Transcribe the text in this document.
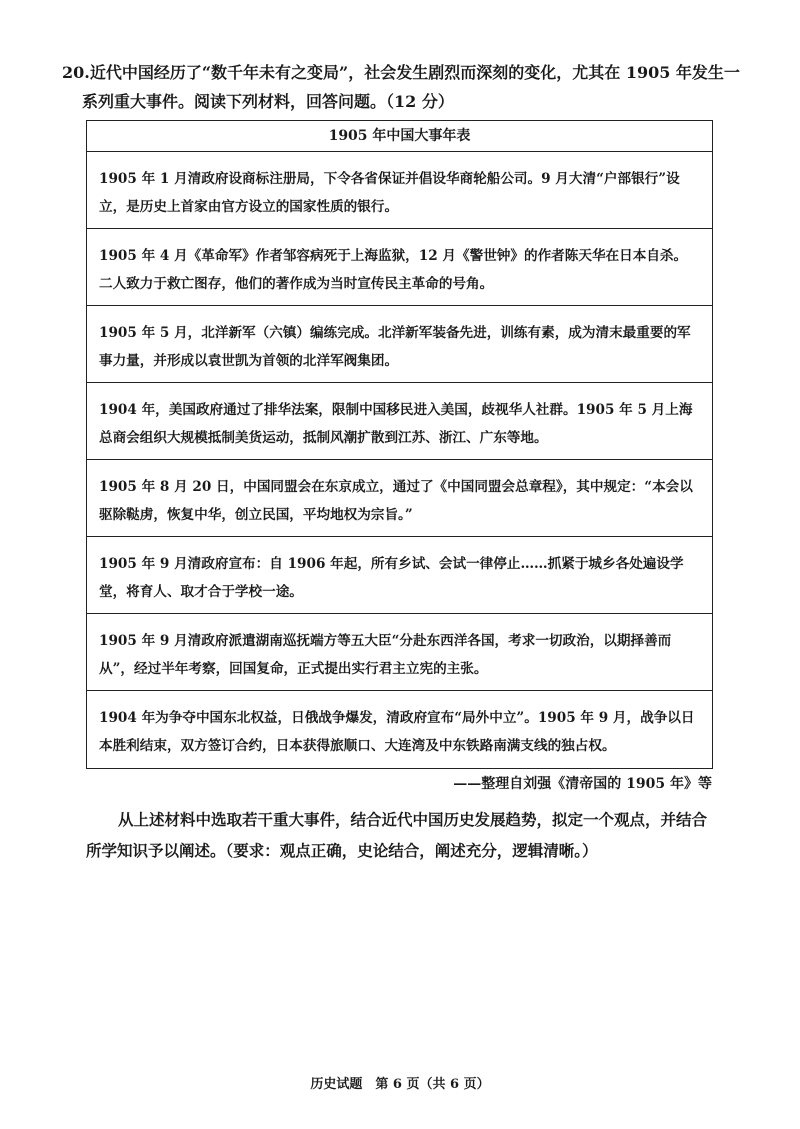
20.近代中国经历了“数千年未有之变局”，社会发生剧烈而深刻的变化，尤其在 1905 年发生一系列重大事件。阅读下列材料，回答问题。（12 分）
1905 年中国大事年表
1905 年 1 月清政府设商标注册局，下令各省保证并倡设华商轮船公司。9 月大清“户部银行”设立，是历史上首家由官方设立的国家性质的银行。
1905 年 4 月《革命军》作者邹容病死于上海监狱，12 月《警世钟》的作者陈天华在日本自杀。二人致力于救亡图存，他们的著作成为当时宣传民主革命的号角。
1905 年 5 月，北洋新军（六镇）编练完成。北洋新军装备先进，训练有素，成为清末最重要的军事力量，并形成以袁世凯为首领的北洋军阀集团。
1904 年，美国政府通过了排华法案，限制中国移民进入美国，歧视华人社群。1905 年 5 月上海总商会组织大规模抵制美货运动，抵制风潮扩散到江苏、浙江、广东等地。
1905 年 8 月 20 日，中国同盟会在东京成立，通过了《中国同盟会总章程》，其中规定：“本会以驱除鞑虏，恢复中华，创立民国，平均地权为宗旨。”
1905 年 9 月清政府宣布：自 1906 年起，所有乡试、会试一律停止……抓紧于城乡各处遍设学堂，将育人、取才合于学校一途。
1905 年 9 月清政府派遣湖南巡抚端方等五大臣“分赴东西洋各国，考求一切政治，以期择善而从”，经过半年考察，回国复命，正式提出实行君主立宪的主张。
1904 年为争夺中国东北权益，日俄战争爆发，清政府宣布“局外中立”。1905 年 9 月，战争以日本胜利结束，双方签订合约，日本获得旅顺口、大连湾及中东铁路南满支线的独占权。
——整理自刘强《清帝国的 1905 年》等
从上述材料中选取若干重大事件，结合近代中国历史发展趋势，拟定一个观点，并结合所学知识予以阐述。（要求：观点正确，史论结合，阐述充分，逻辑清晰。）
历史试题　第 6 页（共 6 页）
